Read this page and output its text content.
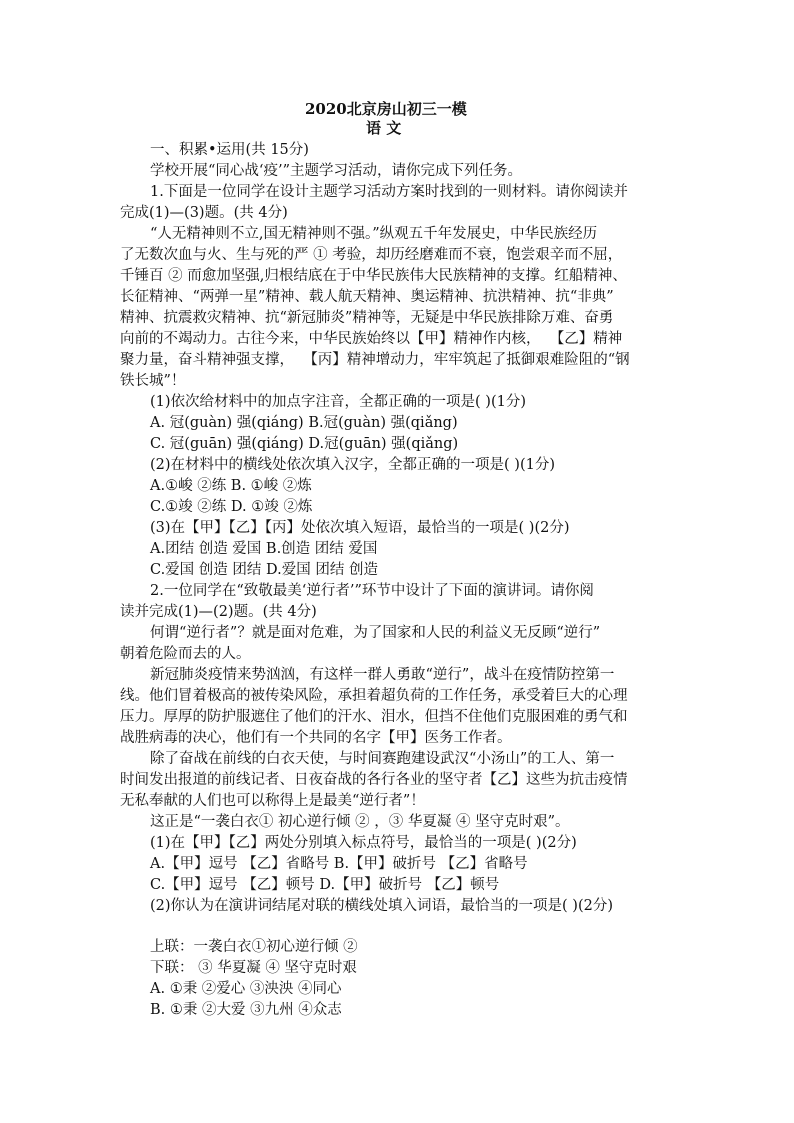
2020北京房山初三一模
语 文
一、积累•运用(共 15分)
学校开展“同心战‘疫’”主题学习活动，请你完成下列任务。
1.下面是一位同学在设计主题学习活动方案时找到的一则材料。请你阅读并
完成(1)—(3)题。(共 4分)
“人无精神则不立,国无精神则不强。”纵观五千年发展史，中华民族经历
了无数次血与火、生与死的严 ① 考验，却历经磨难而不衰，饱尝艰辛而不屈，
千锤百 ② 而愈加坚强,归根结底在于中华民族伟大民族精神的支撑。红船精神、
长征精神、“两弹一星”精神、载人航天精神、奥运精神、抗洪精神、抗“非典”
精神、抗震救灾精神、抗“新冠肺炎”精神等，无疑是中华民族排除万难、奋勇
向前的不竭动力。古往今来，中华民族始终以【甲】精神作内核，  【乙】精神
聚力量，奋斗精神强支撑，  【丙】精神增动力，牢牢筑起了抵御艰难险阻的“钢
铁长城”！
(1)依次给材料中的加点字注音，全都正确的一项是( )(1分)
A. 冠(guàn) 强(qiáng) B.冠(guàn) 强(qiǎng)
C. 冠(guān) 强(qiáng) D.冠(guān) 强(qiǎng)
(2)在材料中的横线处依次填入汉字，全都正确的一项是( )(1分)
A.①峻 ②练 B. ①峻 ②炼
C.①竣 ②练 D. ①竣 ②炼
(3)在【甲】【乙】【丙】处依次填入短语，最恰当的一项是( )(2分)
A.团结 创造 爱国 B.创造 团结 爱国
C.爱国 创造 团结 D.爱国 团结 创造
2.一位同学在“致敬最美‘逆行者’”环节中设计了下面的演讲词。请你阅
读并完成(1)—(2)题。(共 4分)
何谓“逆行者”？就是面对危难，为了国家和人民的利益义无反顾“逆行”
朝着危险而去的人。
新冠肺炎疫情来势汹汹，有这样一群人勇敢“逆行”，战斗在疫情防控第一
线。他们冒着极高的被传染风险，承担着超负荷的工作任务，承受着巨大的心理
压力。厚厚的防护服遮住了他们的汗水、泪水，但挡不住他们克服困难的勇气和
战胜病毒的决心，他们有一个共同的名字【甲】医务工作者。
除了奋战在前线的白衣天使，与时间赛跑建设武汉“小汤山”的工人、第一
时间发出报道的前线记者、日夜奋战的各行各业的坚守者【乙】这些为抗击疫情
无私奉献的人们也可以称得上是最美“逆行者”！
这正是“一袭白衣① 初心逆行倾 ② ，③ 华夏凝 ④ 坚守克时艰”。
(1)在【甲】【乙】两处分别填入标点符号，最恰当的一项是( )(2分)
A.【甲】逗号 【乙】省略号 B.【甲】破折号 【乙】省略号
C.【甲】逗号 【乙】顿号 D.【甲】破折号 【乙】顿号
(2)你认为在演讲词结尾对联的横线处填入词语，最恰当的一项是( )(2分)
上联：一袭白衣①初心逆行倾 ②
下联： ③ 华夏凝 ④ 坚守克时艰
A. ①秉 ②爱心 ③泱泱 ④同心
B. ①秉 ②大爱 ③九州 ④众志
